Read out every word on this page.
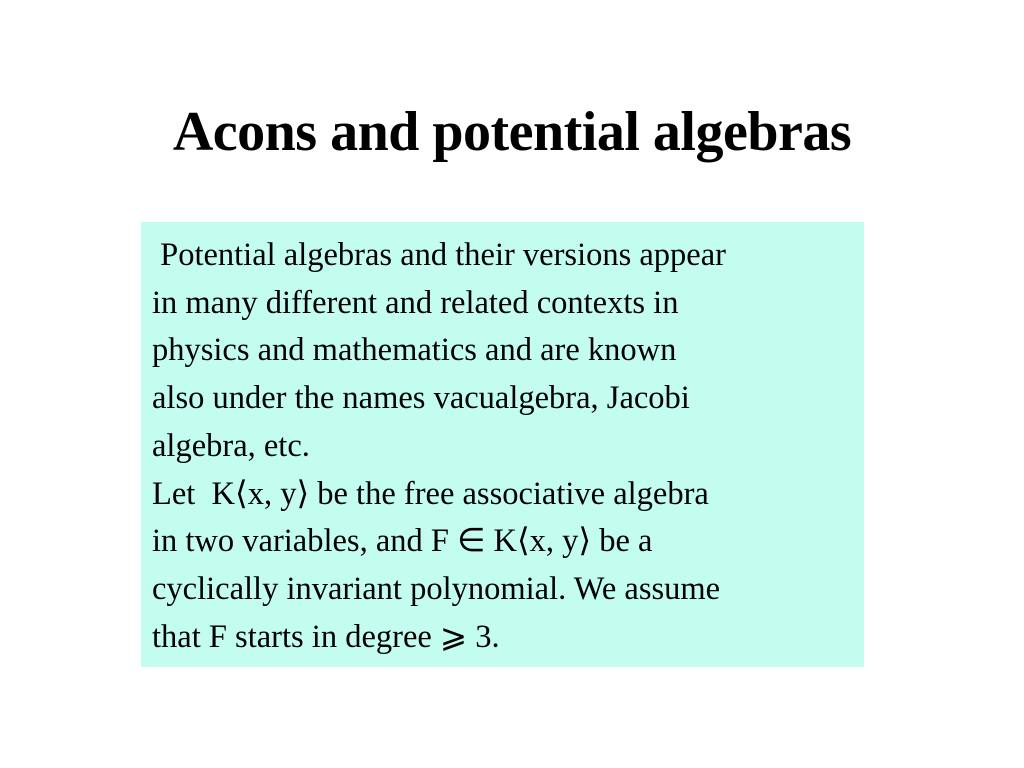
Acons and potential algebras
Potential algebras and their versions appear
in many different and related contexts in
physics and mathematics and are known
also under the names vacualgebra, Jacobi
algebra, etc.
Let  K⟨x, y⟩ be the free associative algebra
in two variables, and F ∈ K⟨x, y⟩ be a
cyclically invariant polynomial. We assume
that F starts in degree ⩾ 3.
